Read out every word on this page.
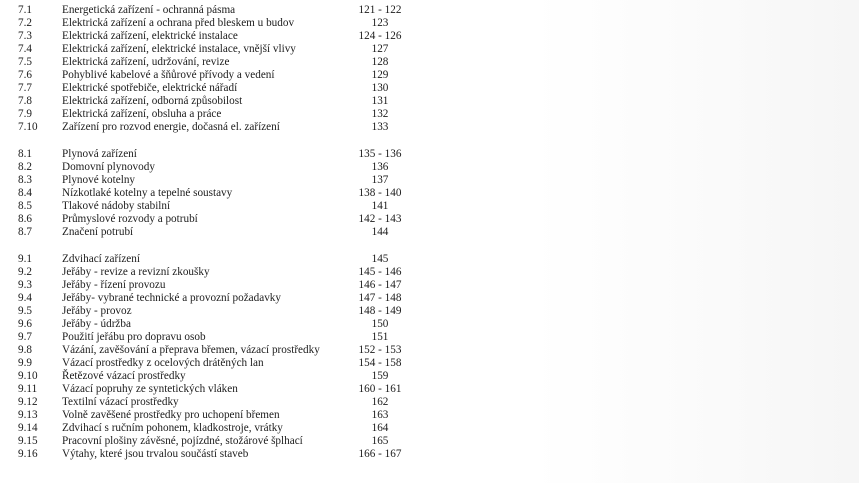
7.1	Energetická zařízení - ochranná pásma	121 - 122
7.2	Elektrická zařízení a ochrana před bleskem u budov	123
7.3	Elektrická zařízení, elektrické instalace	124 - 126
7.4	Elektrická zařízení, elektrické instalace, vnější vlivy	127
7.5	Elektrická zařízení, udržování, revize	128
7.6	Pohyblivé kabelové a šňůrové přívody a vedení	129
7.7	Elektrické spotřebiče, elektrické nářadí	130
7.8	Elektrická zařízení, odborná způsobilost	131
7.9	Elektrická zařízení, obsluha a práce	132
7.10 Zařízení pro rozvod energie, dočasná el. zařízení	133
8.1	Plynová zařízení	135 - 136
8.2	Domovní plynovody	136
8.3	Plynové kotelny	137
8.4	Nízkotlaké kotelny a tepelné soustavy	138 - 140
8.5	Tlakové nádoby stabilní	141
8.6	Průmyslové rozvody a potrubí	142 - 143
8.7	Značení potrubí	144
9.1	Zdvihací zařízení	145
9.2	Jeřáby - revize a revizní zkoušky	145 - 146
9.3	Jeřáby - řízení provozu	146 - 147
9.4	Jeřáby- vybrané technické a provozní požadavky	147 - 148
9.5	Jeřáby - provoz	148 - 149
9.6	Jeřáby - údržba	150
9.7	Použití jeřábu pro dopravu osob	151
9.8	Vázání, zavěšování a přeprava břemen, vázací prostředky	152 - 153
9.9	Vázací prostředky z ocelových drátěných lan	154 - 158
9.10 Řetězové vázací prostředky	159
9.11 Vázací popruhy ze syntetických vláken	160 - 161
9.12 Textilní vázací prostředky	162
9.13 Volně zavěšené prostředky pro uchopení břemen	163
9.14 Zdvihací s ručním pohonem, kladkostroje, vrátky	164
9.15 Pracovní plošiny závěsné, pojízdné, stožárové šplhací	165
9.16 Výtahy, které jsou trvalou součástí staveb	166 - 167
